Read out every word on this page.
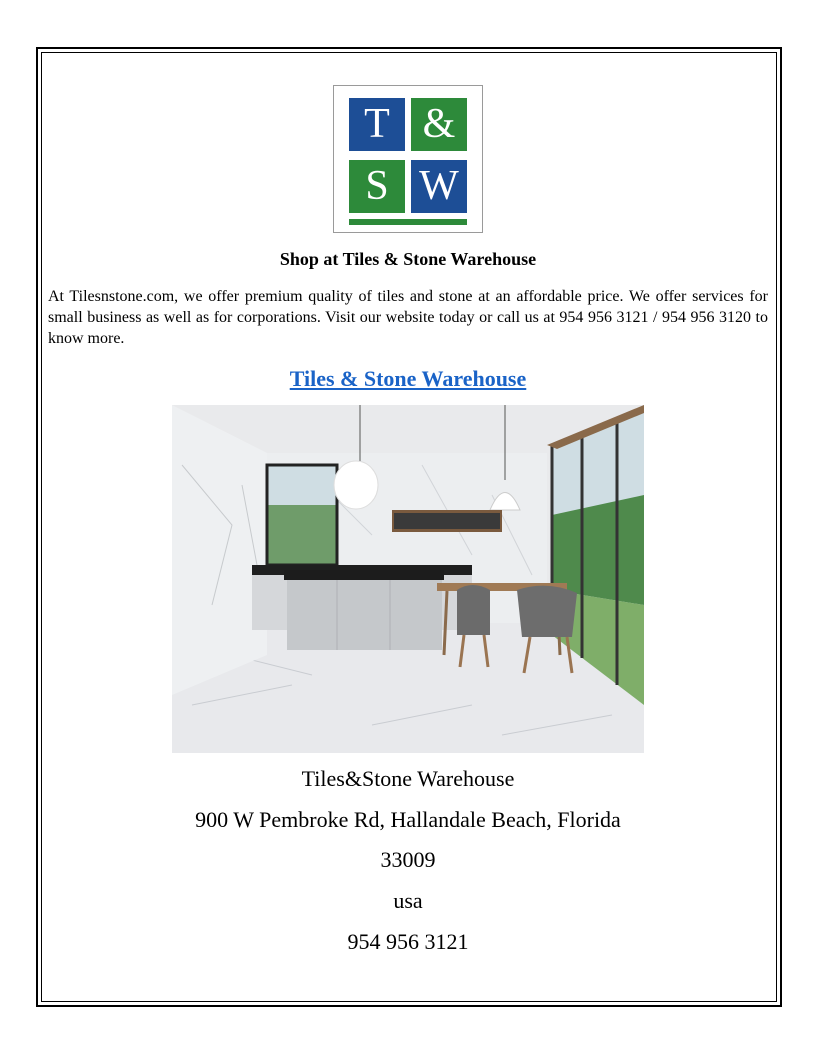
T &
S W
Shop at Tiles & Stone Warehouse
At Tilesnstone.com, we offer premium quality of tiles and stone at an affordable price. We offer services for small business as well as for corporations. Visit our website today or call us at 954 956 3121 / 954 956 3120 to know more.
Tiles & Stone Warehouse
Tiles&Stone Warehouse
900 W Pembroke Rd, Hallandale Beach, Florida
33009
usa
954 956 3121
